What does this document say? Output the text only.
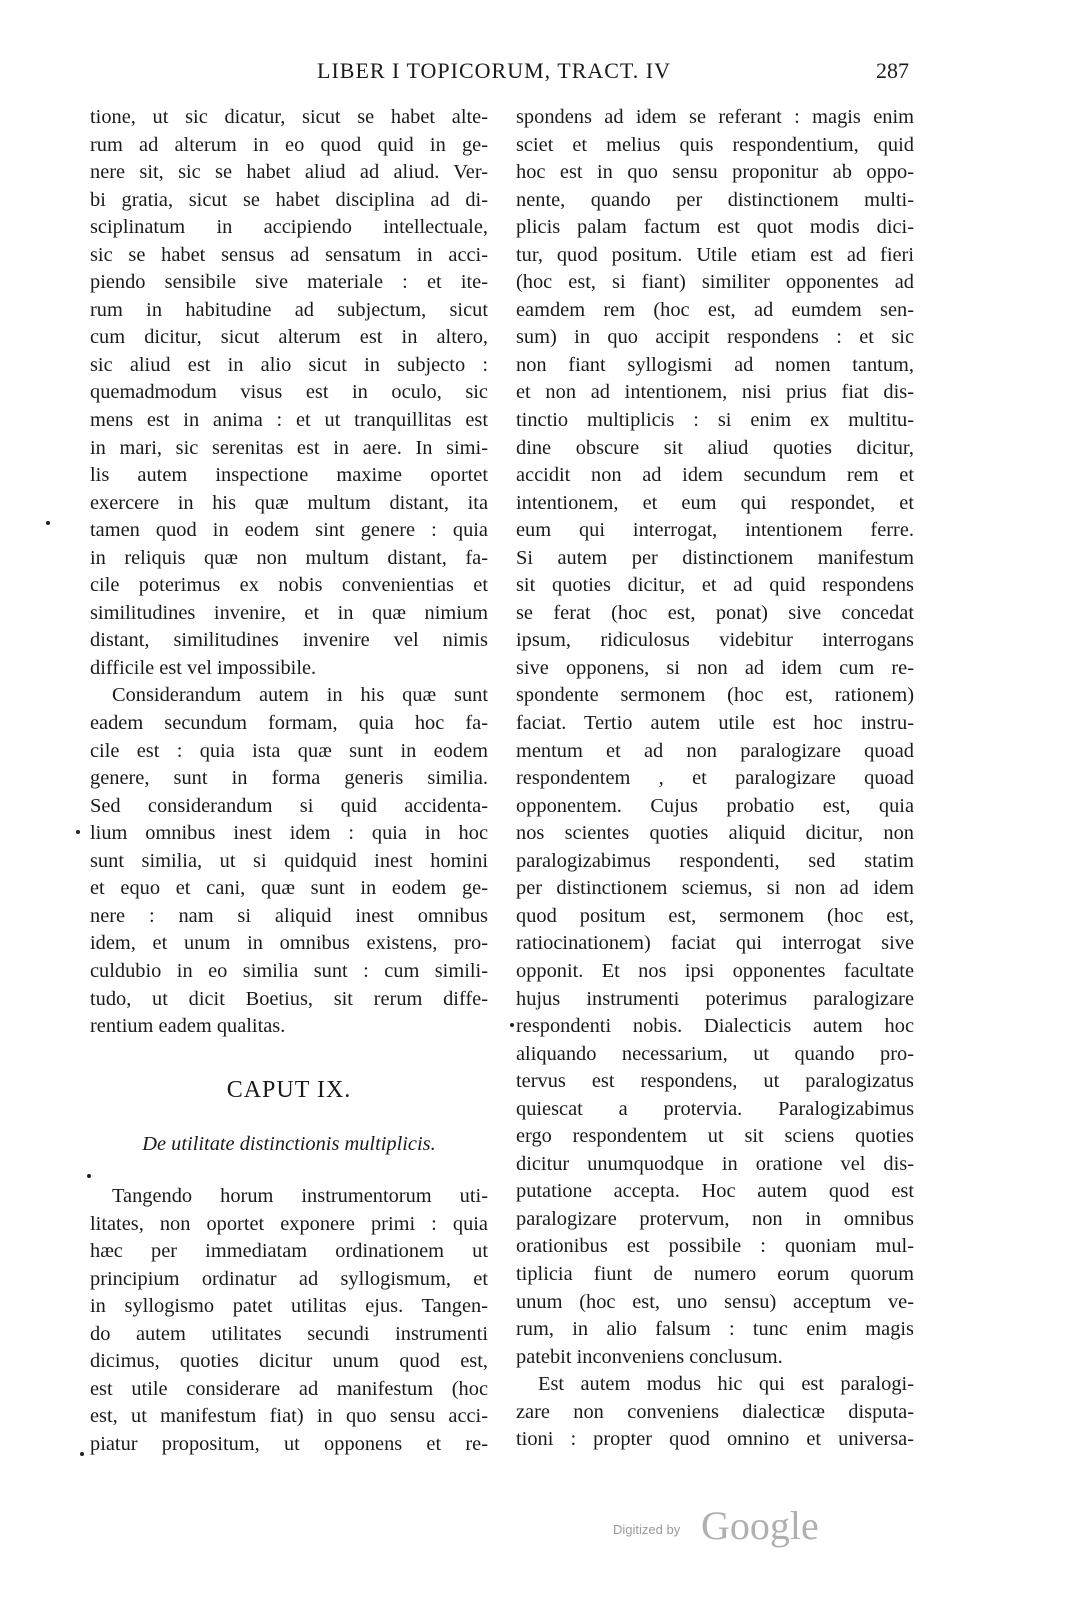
LIBER I TOPICORUM, TRACT. IV	287
tione, ut sic dicatur, sicut se habet alte-
rum ad alterum in eo quod quid in ge-
nere sit, sic se habet aliud ad aliud. Ver-
bi gratia, sicut se habet disciplina ad di-
sciplinatum in accipiendo intellectuale,
sic se habet sensus ad sensatum in acci-
piendo sensibile sive materiale : et ite-
rum in habitudine ad subjectum, sicut
cum dicitur, sicut alterum est in altero,
sic aliud est in alio sicut in subjecto :
quemadmodum visus est in oculo, sic
mens est in anima : et ut tranquillitas est
in mari, sic serenitas est in aere. In simi-
lis autem inspectione maxime oportet
exercere in his quæ multum distant, ita
tamen quod in eodem sint genere : quia
in reliquis quæ non multum distant, fa-
cile poterimus ex nobis convenientias et
similitudines invenire, et in quæ nimium
distant, similitudines invenire vel nimis
difficile est vel impossibile.
Considerandum autem in his quæ sunt
eadem secundum formam, quia hoc fa-
cile est : quia ista quæ sunt in eodem
genere, sunt in forma generis similia.
Sed considerandum si quid accidenta-
lium omnibus inest idem : quia in hoc
sunt similia, ut si quidquid inest homini
et equo et cani, quæ sunt in eodem ge-
nere : nam si aliquid inest omnibus
idem, et unum in omnibus existens, pro-
culdubio in eo similia sunt : cum simili-
tudo, ut dicit Boetius, sit rerum diffe-
rentium eadem qualitas.
CAPUT IX.
De utilitate distinctionis multiplicis.
Tangendo horum instrumentorum uti-
litates, non oportet exponere primi : quia
hæc per immediatam ordinationem ut
principium ordinatur ad syllogismum, et
in syllogismo patet utilitas ejus. Tangen-
do autem utilitates secundi instrumenti
dicimus, quoties dicitur unum quod est,
est utile considerare ad manifestum (hoc
est, ut manifestum fiat) in quo sensu acci-
piatur propositum, ut opponens et re-
spondens ad idem se referant : magis enim
sciet et melius quis respondentium, quid
hoc est in quo sensu proponitur ab oppo-
nente, quando per distinctionem multi-
plicis palam factum est quot modis dici-
tur, quod positum. Utile etiam est ad fieri
(hoc est, si fiant) similiter opponentes ad
eamdem rem (hoc est, ad eumdem sen-
sum) in quo accipit respondens : et sic
non fiant syllogismi ad nomen tantum,
et non ad intentionem, nisi prius fiat dis-
tinctio multiplicis : si enim ex multitu-
dine obscure sit aliud quoties dicitur,
accidit non ad idem secundum rem et
intentionem, et eum qui respondet, et
eum qui interrogat, intentionem ferre.
Si autem per distinctionem manifestum
sit quoties dicitur, et ad quid respondens
se ferat (hoc est, ponat) sive concedat
ipsum, ridiculosus videbitur interrogans
sive opponens, si non ad idem cum re-
spondente sermonem (hoc est, rationem)
faciat. Tertio autem utile est hoc instru-
mentum et ad non paralogizare quoad
respondentem , et paralogizare quoad
opponentem. Cujus probatio est, quia
nos scientes quoties aliquid dicitur, non
paralogizabimus respondenti, sed statim
per distinctionem sciemus, si non ad idem
quod positum est, sermonem (hoc est,
ratiocinationem) faciat qui interrogat sive
opponit. Et nos ipsi opponentes facultate
hujus instrumenti poterimus paralogizare
respondenti nobis. Dialecticis autem hoc
aliquando necessarium, ut quando pro-
tervus est respondens, ut paralogizatus
quiescat a protervia. Paralogizabimus
ergo respondentem ut sit sciens quoties
dicitur unumquodque in oratione vel dis-
putatione accepta. Hoc autem quod est
paralogizare protervum, non in omnibus
orationibus est possibile : quoniam mul-
tiplicia fiunt de numero eorum quorum
unum (hoc est, uno sensu) acceptum ve-
rum, in alio falsum : tunc enim magis
patebit inconveniens conclusum.
Est autem modus hic qui est paralogi-
zare non conveniens dialecticæ disputa-
tioni : propter quod omnino et universa-
Digitized by Google
